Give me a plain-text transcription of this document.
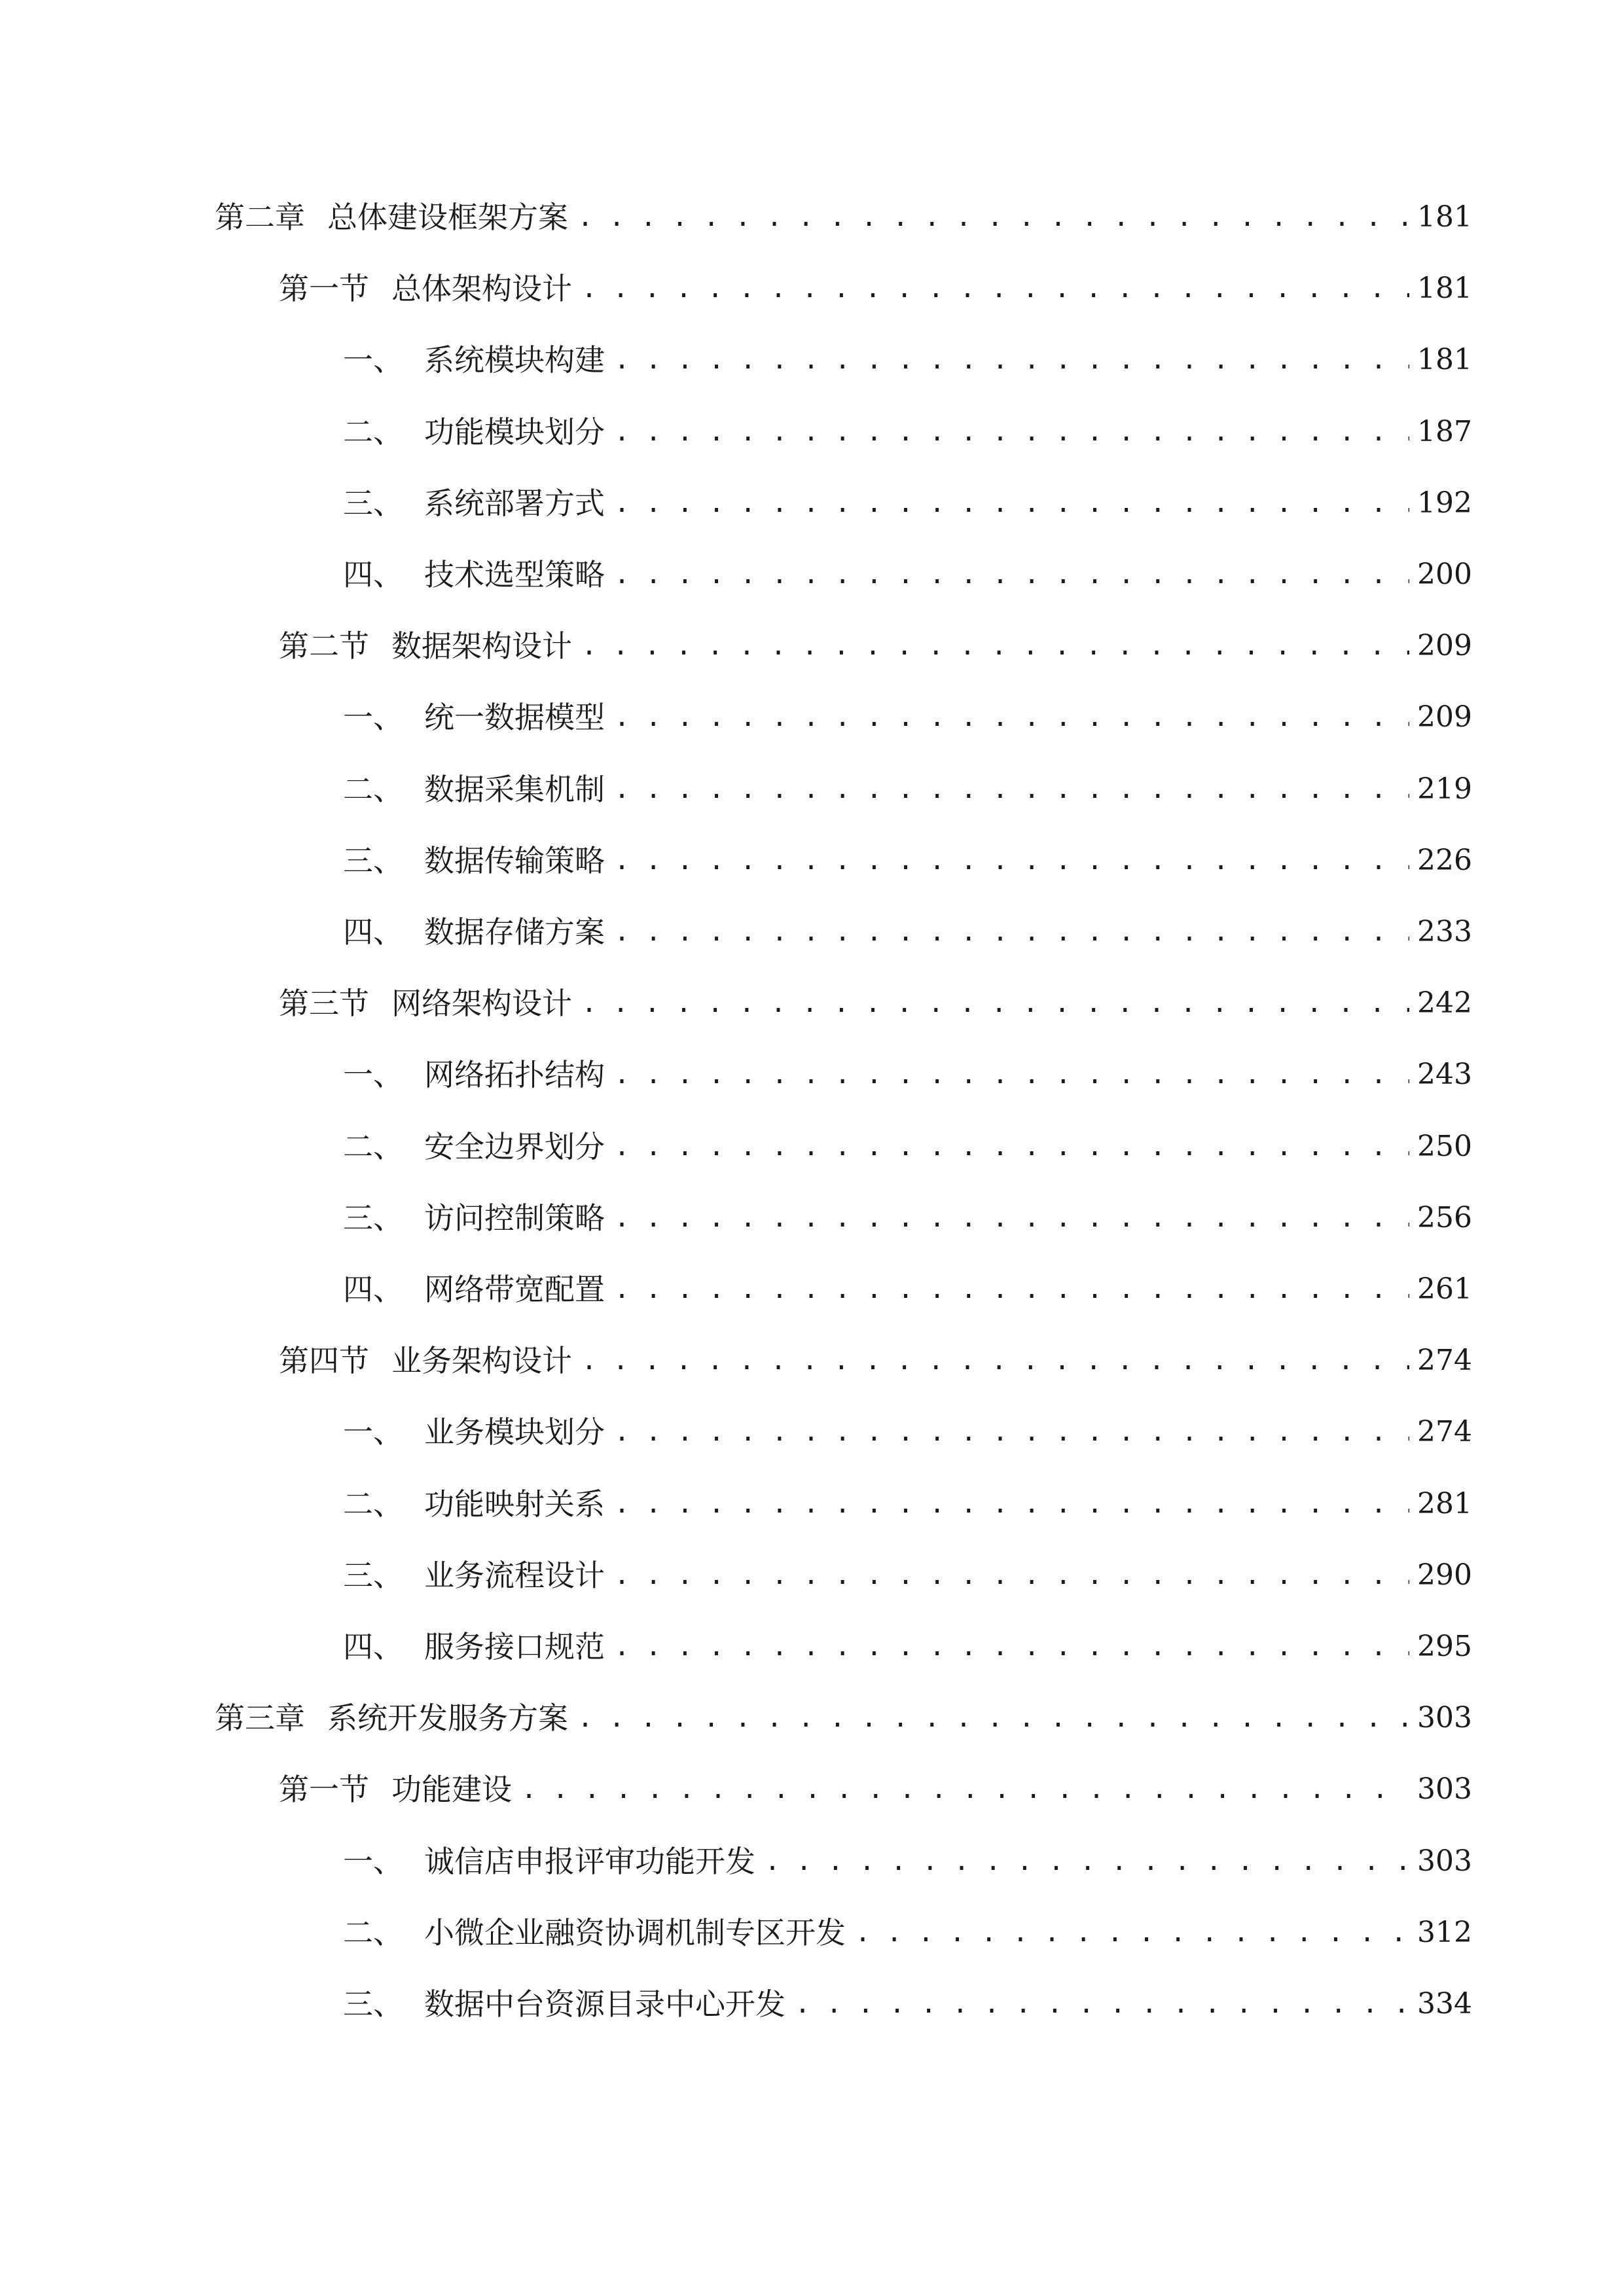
第二章 总体建设框架方案 . . .	181
第一节 总体架构设计 . . .	181
一、 系统模块构建 . . .	181
二、 功能模块划分 . . .	187
三、 系统部署方式 . . .	192
四、 技术选型策略 . . .	200
第二节 数据架构设计 . . .	209
一、 统一数据模型 . . .	209
二、 数据采集机制 . . .	219
三、 数据传输策略 . . .	226
四、 数据存储方案 . . .	233
第三节 网络架构设计 . . .	242
一、 网络拓扑结构 . . .	243
二、 安全边界划分 . . .	250
三、 访问控制策略 . . .	256
四、 网络带宽配置 . . .	261
第四节 业务架构设计 . . .	274
一、 业务模块划分 . . .	274
二、 功能映射关系 . . .	281
三、 业务流程设计 . . .	290
四、 服务接口规范 . . .	295
第三章 系统开发服务方案 . . .	303
第一节 功能建设 . . .	303
一、 诚信店申报评审功能开发 . . .	303
二、 小微企业融资协调机制专区开发 . . .	312
三、 数据中台资源目录中心开发 . . .	334
